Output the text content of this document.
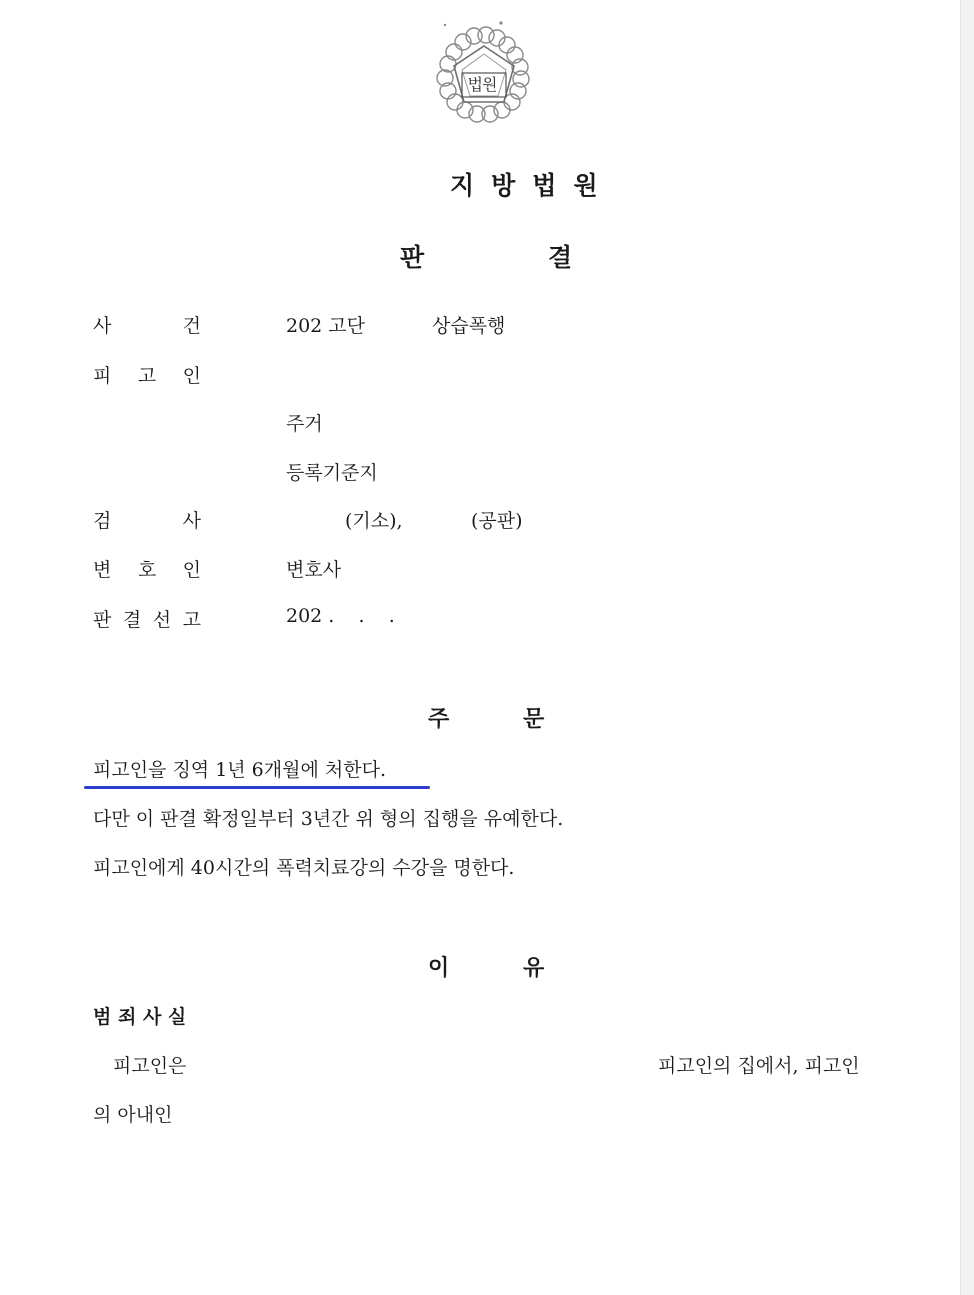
법원
지방법원
판	결
사	건	202 고단	상습폭행
피 고 인
주거
등록기준지
검	사	(기소),	(공판)
변 호 인	변호사
판 결 선 고	202 .    .    .
주	문
피고인을 징역 1년 6개월에 처한다.
다만 이 판결 확정일부터 3년간 위 형의 집행을 유예한다.
피고인에게 40시간의 폭력치료강의 수강을 명한다.
이	유
범 죄 사 실
피고인은	피고인의 집에서, 피고인
의 아내인
